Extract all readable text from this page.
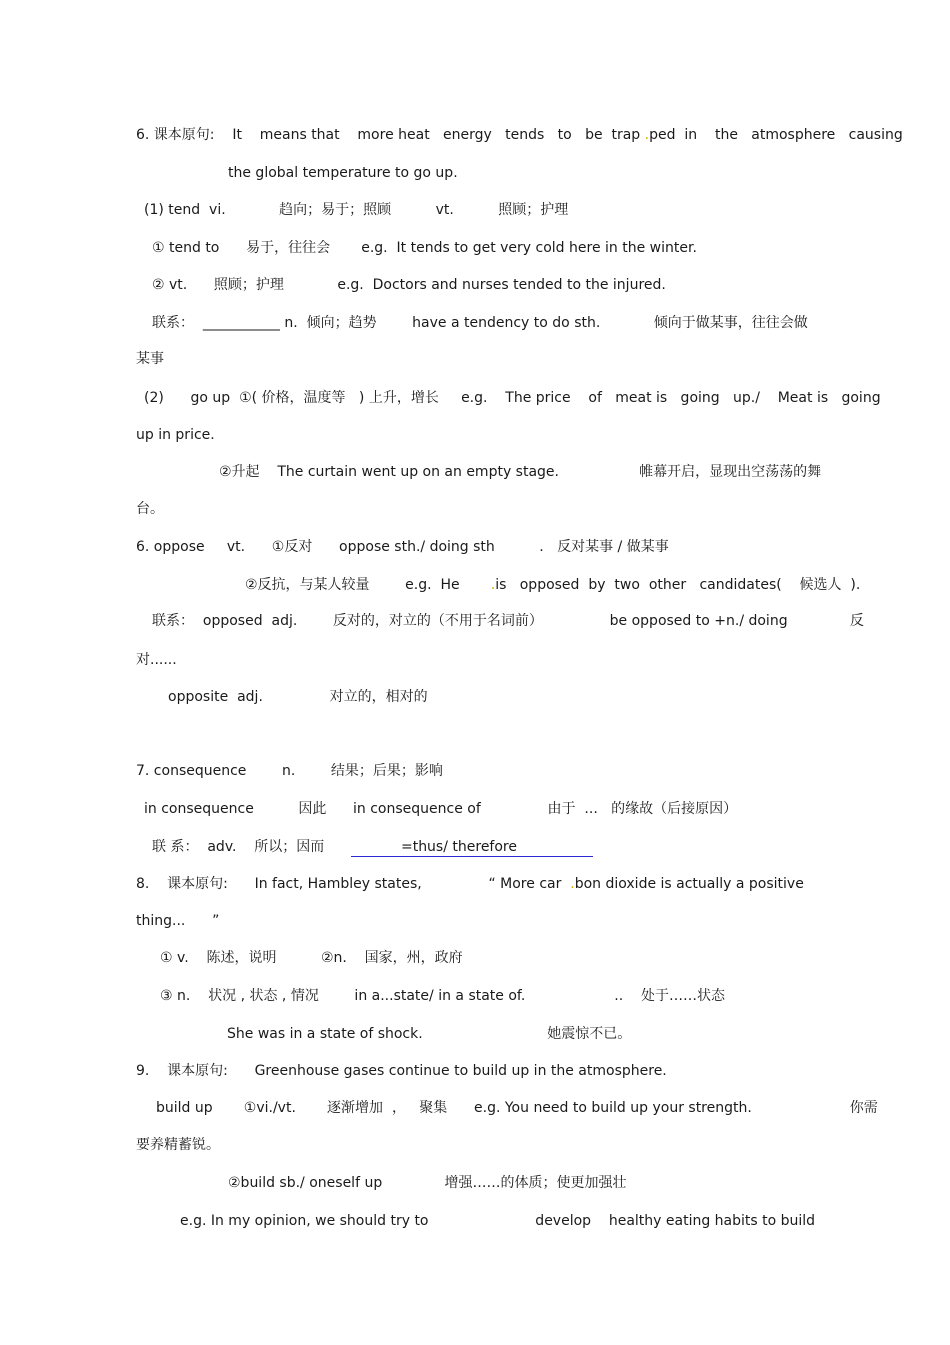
6. 课本原句:    It    means that    more heat   energy   tends   to   be  trap .ped  in    the   atmosphere   causing
the global temperature to go up.
(1) tend  vi.            趋向；易于；照顾          vt.          照顾；护理
① tend to      易于，往往会       e.g.  It tends to get very cold here in the winter.
② vt.      照顾；护理            e.g.  Doctors and nurses tended to the injured.
联系：  ___________ n.  倾向；趋势        have a tendency to do sth.            倾向于做某事，往往会做
某事
(2)      go up  ①( 价格，温度等   ) 上升，增长     e.g.    The price    of   meat is   going   up./    Meat is   going
up in price.
②升起    The curtain went up on an empty stage.                  帷幕开启，显现出空荡荡的舞
台。
6. oppose     vt.      ①反对      oppose sth./ doing sth          .   反对某事 / 做某事
②反抗，与某人较量        e.g.  He       .is   opposed  by  two  other   candidates(    候选人  ).
联系：  opposed  adj.        反对的，对立的（不用于名词前）               be opposed to +n./ doing              反
对......
opposite  adj.               对立的，相对的
7. consequence        n.        结果；后果；影响
in consequence          因此      in consequence of               由于  ...   的缘故（后接原因）
联 系：  adv.    所以；因而	=thus/ therefore
8.    课本原句:      In fact, Hambley states,               “ More car  .bon dioxide is actually a positive
thing...      ”
① v.    陈述，说明          ②n.    国家，州，政府
③ n.    状况 , 状态 , 情况        in a...state/ in a state of.                    ..    处于……状态
She was in a state of shock.                            她震惊不已。
9.    课本原句:      Greenhouse gases continue to build up in the atmosphere.
build up       ①vi./vt.       逐渐增加  ，   聚集      e.g. You need to build up your strength.                      你需
要养精蓄锐。
②build sb./ oneself up              增强……的体质；使更加强壮
e.g. In my opinion, we should try to                        develop    healthy eating habits to build
